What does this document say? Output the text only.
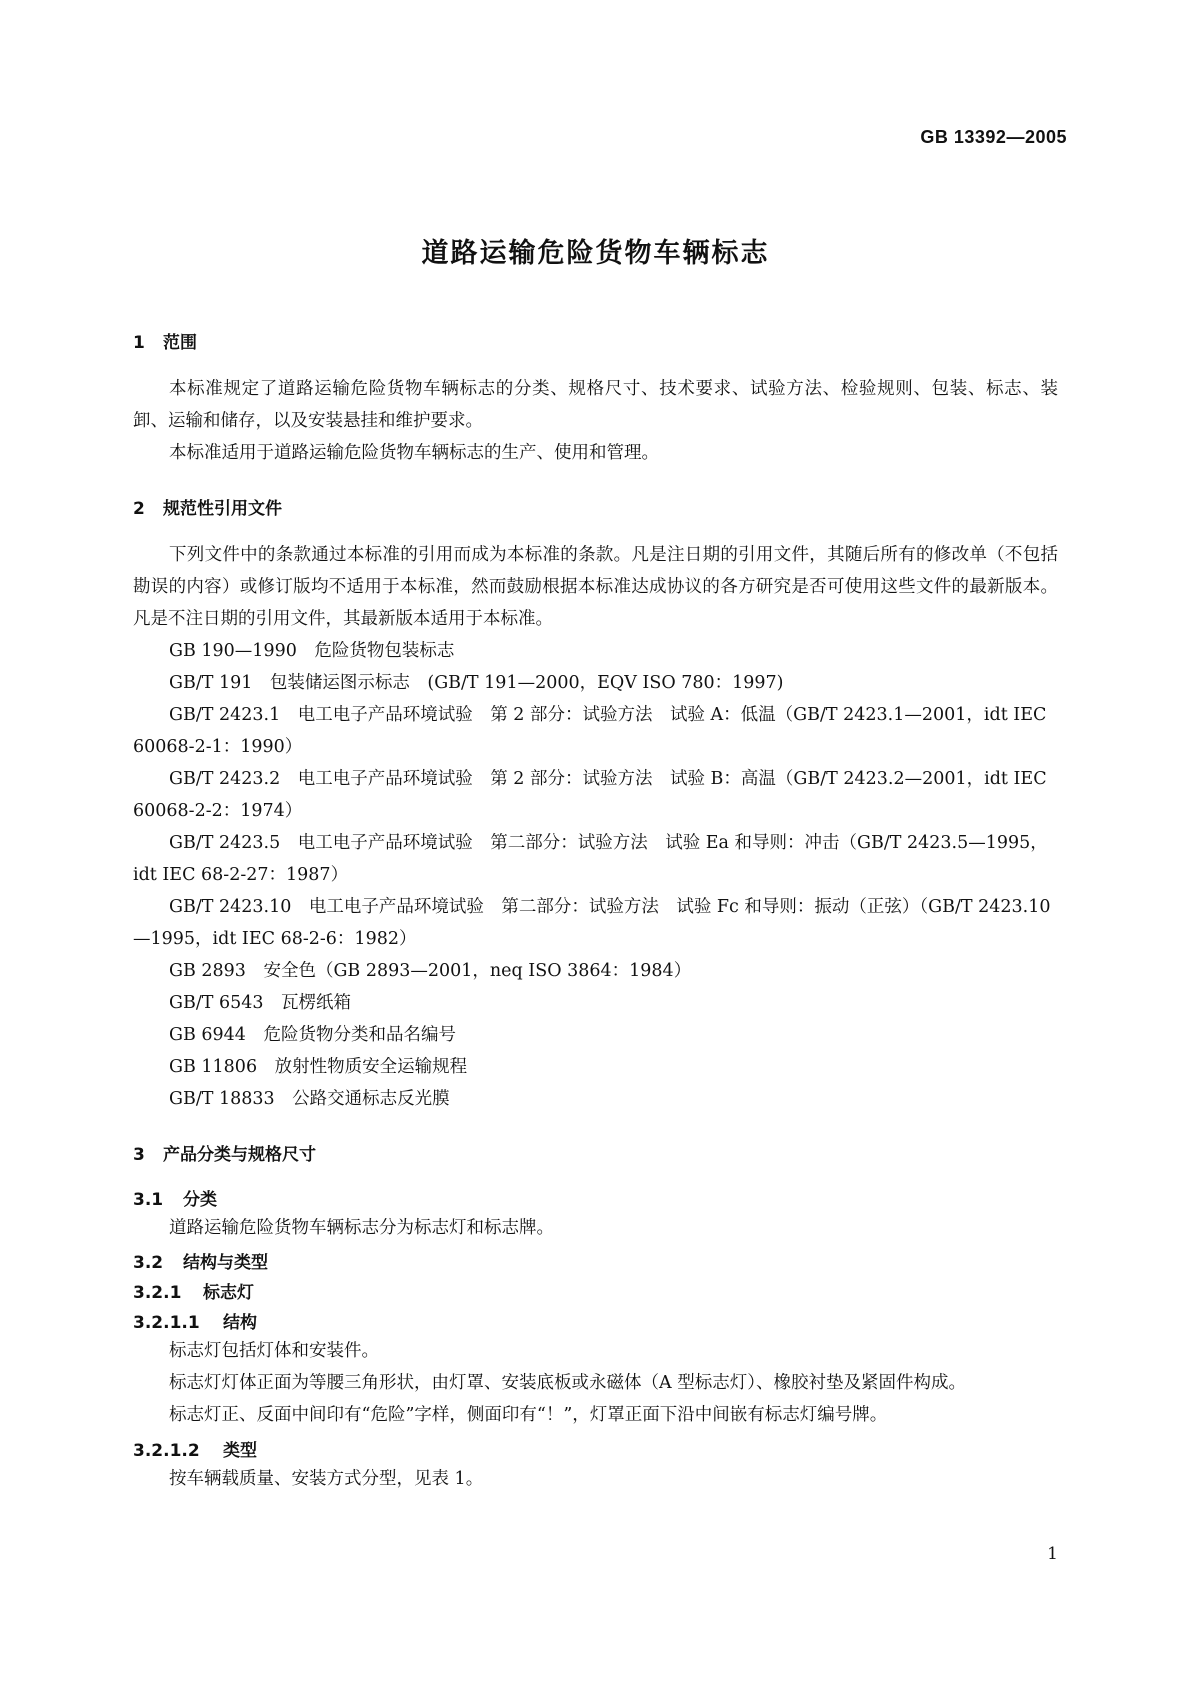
GB 13392—2005
道路运输危险货物车辆标志
1	范围

本标准规定了道路运输危险货物车辆标志的分类、规格尺寸、技术要求、试验方法、检验规则、包装、标志、装卸、运输和储存，以及安装悬挂和维护要求。

本标准适用于道路运输危险货物车辆标志的生产、使用和管理。

2	规范性引用文件

下列文件中的条款通过本标准的引用而成为本标准的条款。凡是注日期的引用文件，其随后所有的修改单（不包括勘误的内容）或修订版均不适用于本标准，然而鼓励根据本标准达成协议的各方研究是否可使用这些文件的最新版本。凡是不注日期的引用文件，其最新版本适用于本标准。

GB 190—1990　危险货物包装标志

GB/T 191　包装储运图示标志　(GB/T 191—2000，EQV ISO 780：1997)

GB/T 2423.1　电工电子产品环境试验　第 2 部分：试验方法　试验 A：低温（GB/T 2423.1—2001，idt IEC 60068-2-1：1990）

GB/T 2423.2　电工电子产品环境试验　第 2 部分：试验方法　试验 B：高温（GB/T 2423.2—2001，idt IEC 60068-2-2：1974）

GB/T 2423.5　电工电子产品环境试验　第二部分：试验方法　试验 Ea 和导则：冲击（GB/T 2423.5—1995，idt IEC 68-2-27：1987）

GB/T 2423.10　电工电子产品环境试验　第二部分：试验方法　试验 Fc 和导则：振动（正弦）（GB/T 2423.10—1995，idt IEC 68-2-6：1982）

GB 2893　安全色（GB 2893—2001，neq ISO 3864：1984）

GB/T 6543　瓦楞纸箱

GB 6944　危险货物分类和品名编号

GB 11806　放射性物质安全运输规程

GB/T 18833　公路交通标志反光膜

3	产品分类与规格尺寸
3.1	分类

道路运输危险货物车辆标志分为标志灯和标志牌。

3.2	结构与类型
3.2.1	标志灯
3.2.1.1	结构

标志灯包括灯体和安装件。

标志灯灯体正面为等腰三角形状，由灯罩、安装底板或永磁体（A 型标志灯）、橡胶衬垫及紧固件构成。

标志灯正、反面中间印有“危险”字样，侧面印有“！”，灯罩正面下沿中间嵌有标志灯编号牌。

3.2.1.2	类型

按车辆载质量、安装方式分型，见表 1。

1
